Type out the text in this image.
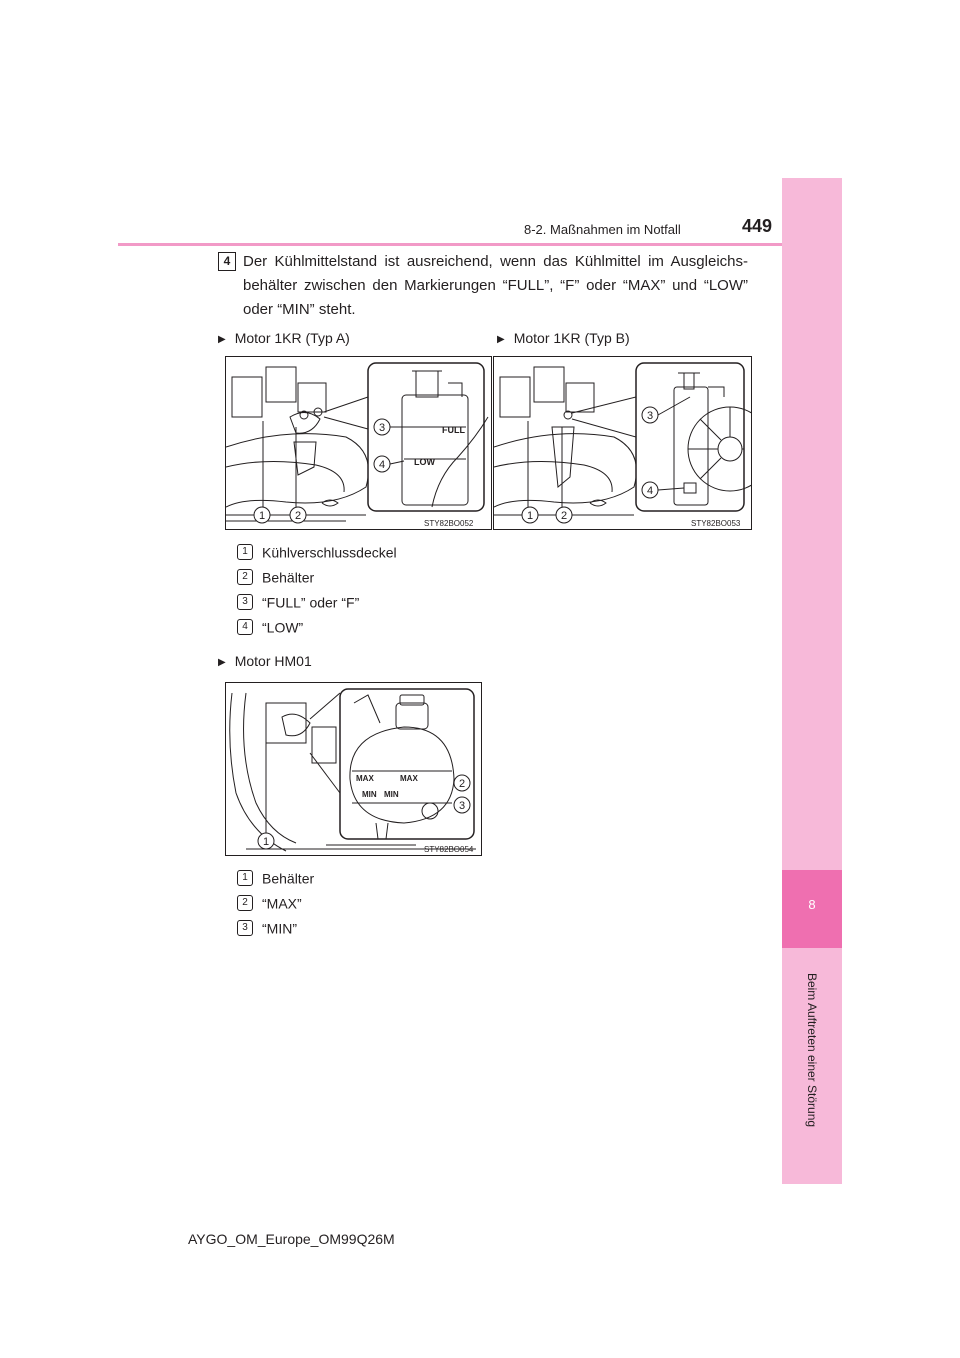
8-2. Maßnahmen im Notfall	449
8
Beim Auftreten einer Störung
4 Der Kühlmittelstand ist ausreichend, wenn das Kühlmittel im Ausgleichs-behälter zwischen den Markierungen “FULL”, “F” oder “MAX” und “LOW” oder “MIN” steht.
▶ Motor 1KR (Typ A)
FULL
LOW
1	2
3
4
STY82BO052
▶ Motor 1KR (Typ B)
1	2
3
4
STY82BO053
1 Kühlverschlussdeckel
2 Behälter
3 “FULL” oder “F”
4 “LOW”
▶ Motor HM01
MAX	MAX
MIN MIN
1
2
3
STY82BO054
1 Behälter
2 “MAX”
3 “MIN”
AYGO_OM_Europe_OM99Q26M
